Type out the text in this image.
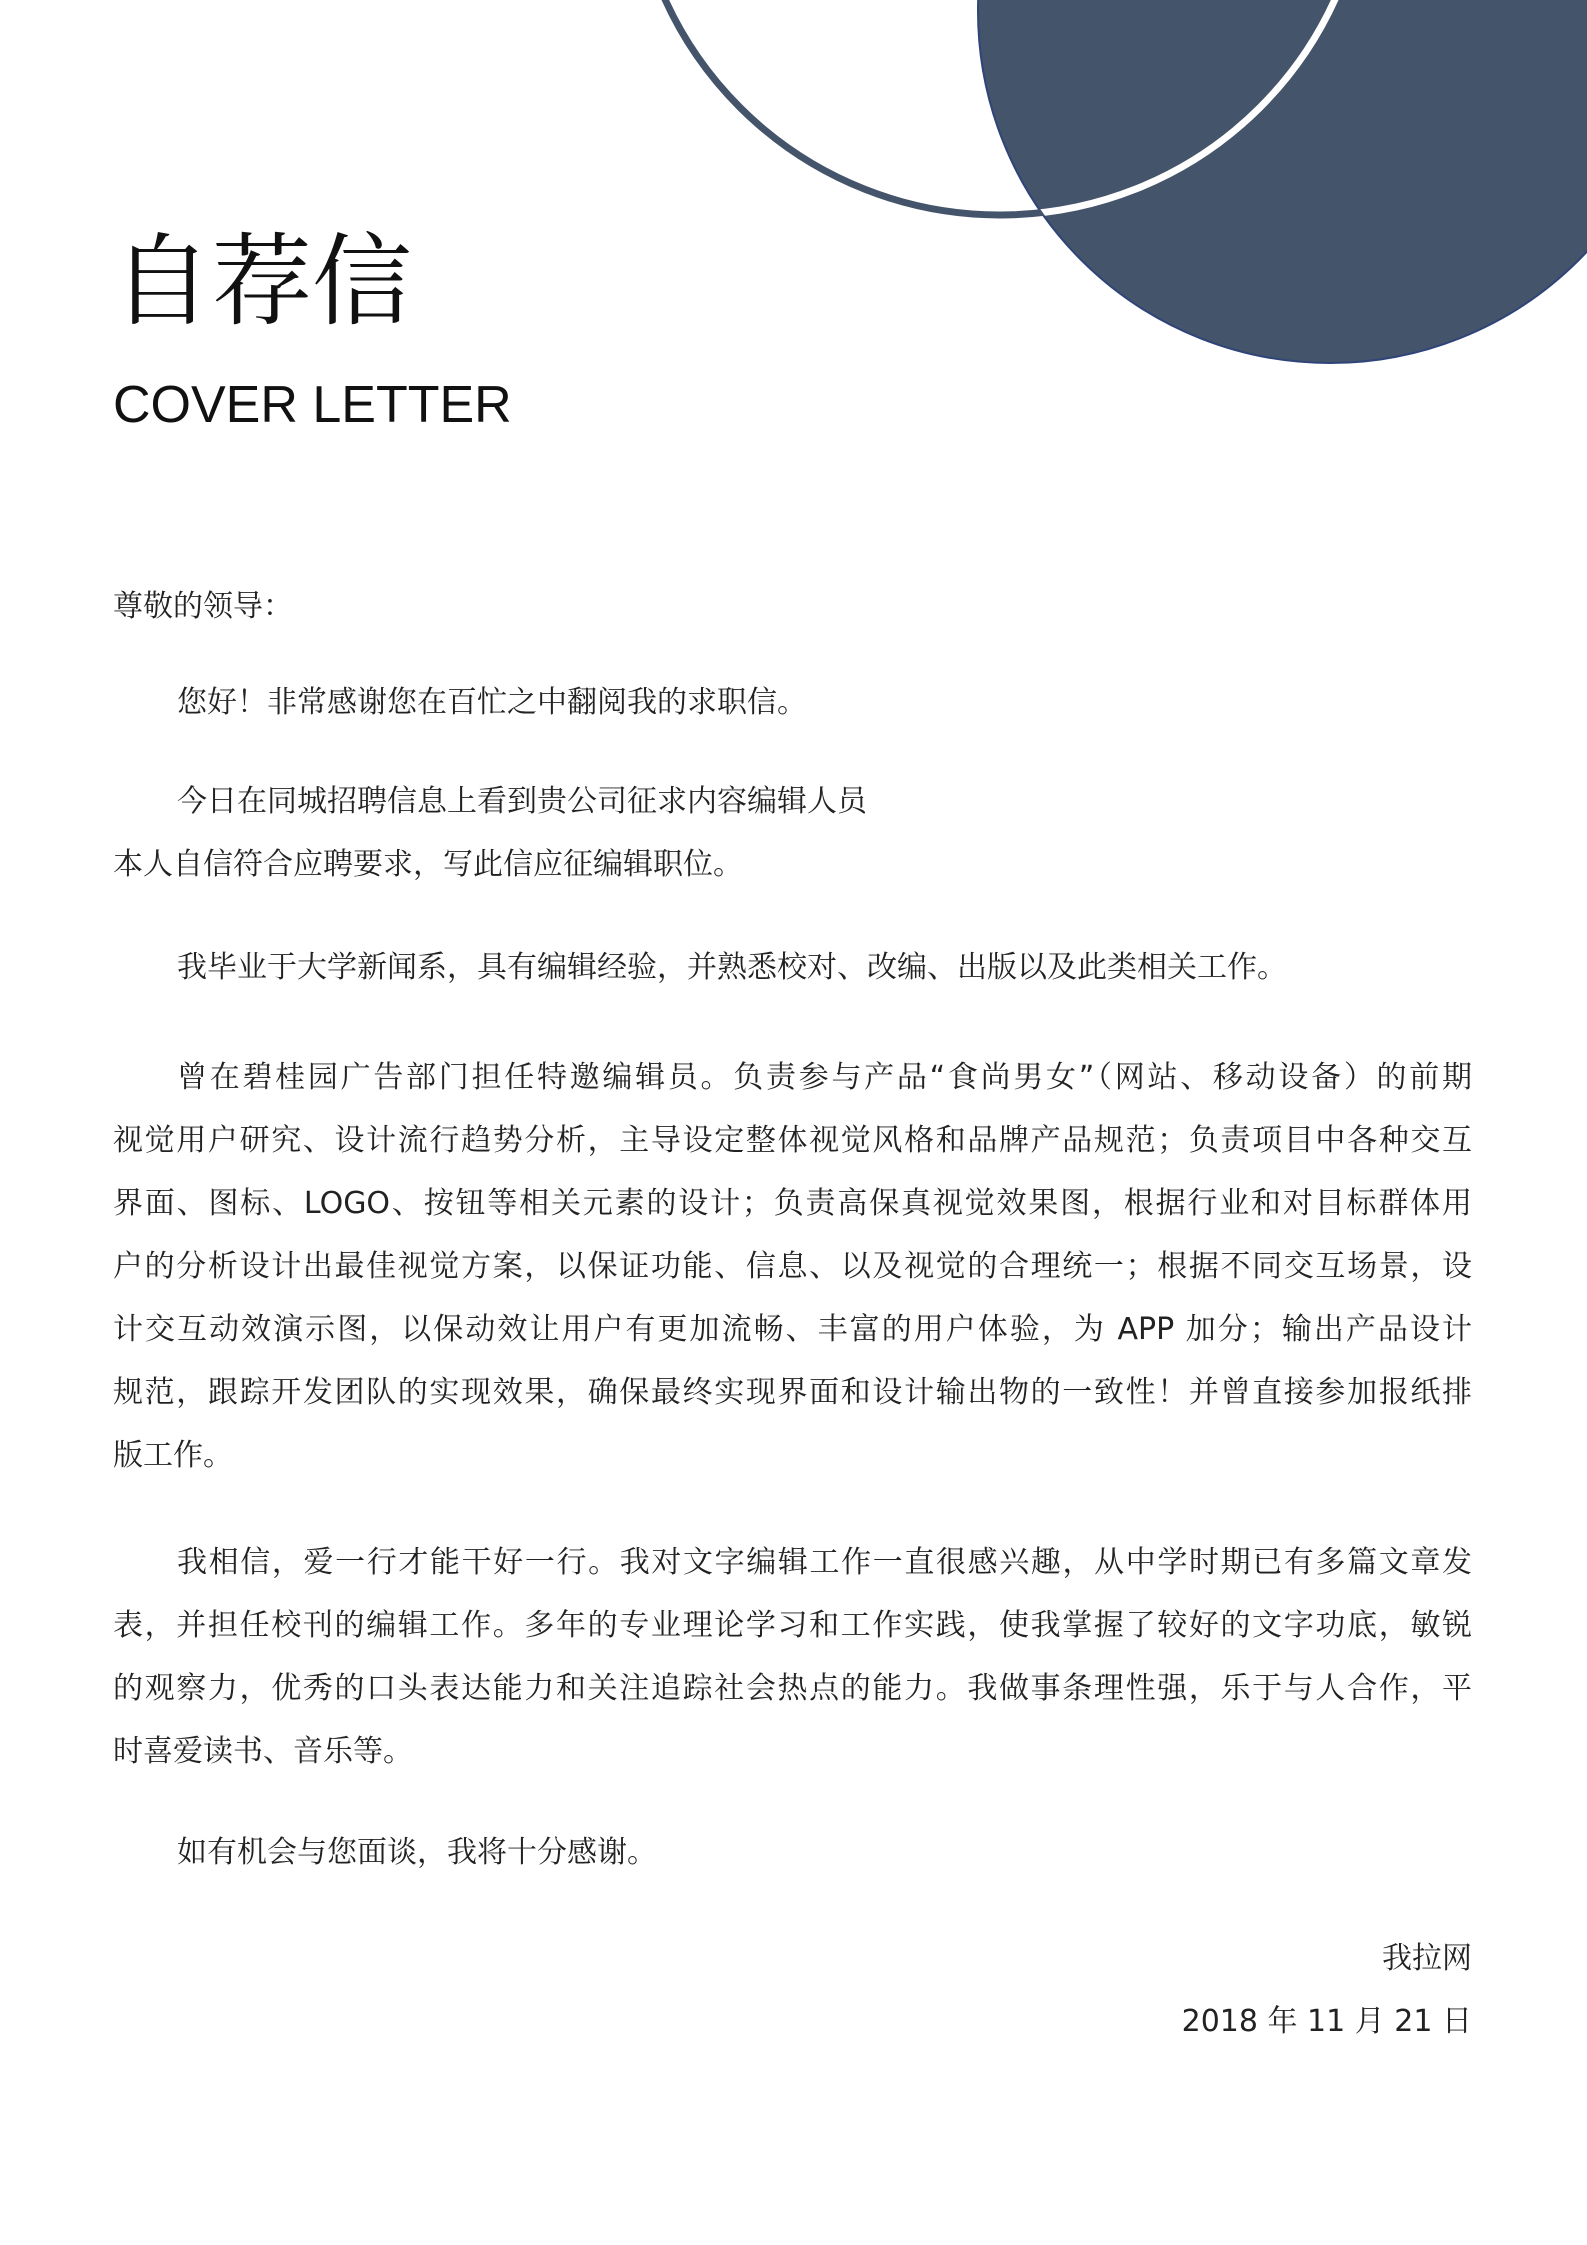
自荐信
COVER LETTER
尊敬的领导：
您好！非常感谢您在百忙之中翻阅我的求职信。
今日在同城招聘信息上看到贵公司征求内容编辑人员
本人自信符合应聘要求，写此信应征编辑职位。
我毕业于大学新闻系，具有编辑经验，并熟悉校对、改编、出版以及此类相关工作。
曾在碧桂园广告部门担任特邀编辑员。负责参与产品“食尚男女”（网站、移动设备）的前期
视觉用户研究、设计流行趋势分析，主导设定整体视觉风格和品牌产品规范；负责项目中各种交互
界面、图标、LOGO、按钮等相关元素的设计；负责高保真视觉效果图，根据行业和对目标群体用
户的分析设计出最佳视觉方案，以保证功能、信息、以及视觉的合理统一；根据不同交互场景，设
计交互动效演示图，以保动效让用户有更加流畅、丰富的用户体验，为 APP 加分；输出产品设计
规范，跟踪开发团队的实现效果，确保最终实现界面和设计输出物的一致性！并曾直接参加报纸排
版工作。
我相信，爱一行才能干好一行。我对文字编辑工作一直很感兴趣，从中学时期已有多篇文章发
表，并担任校刊的编辑工作。多年的专业理论学习和工作实践，使我掌握了较好的文字功底，敏锐
的观察力，优秀的口头表达能力和关注追踪社会热点的能力。我做事条理性强，乐于与人合作，平
时喜爱读书、音乐等。
如有机会与您面谈，我将十分感谢。
我拉网
2018 年 11 月 21 日
